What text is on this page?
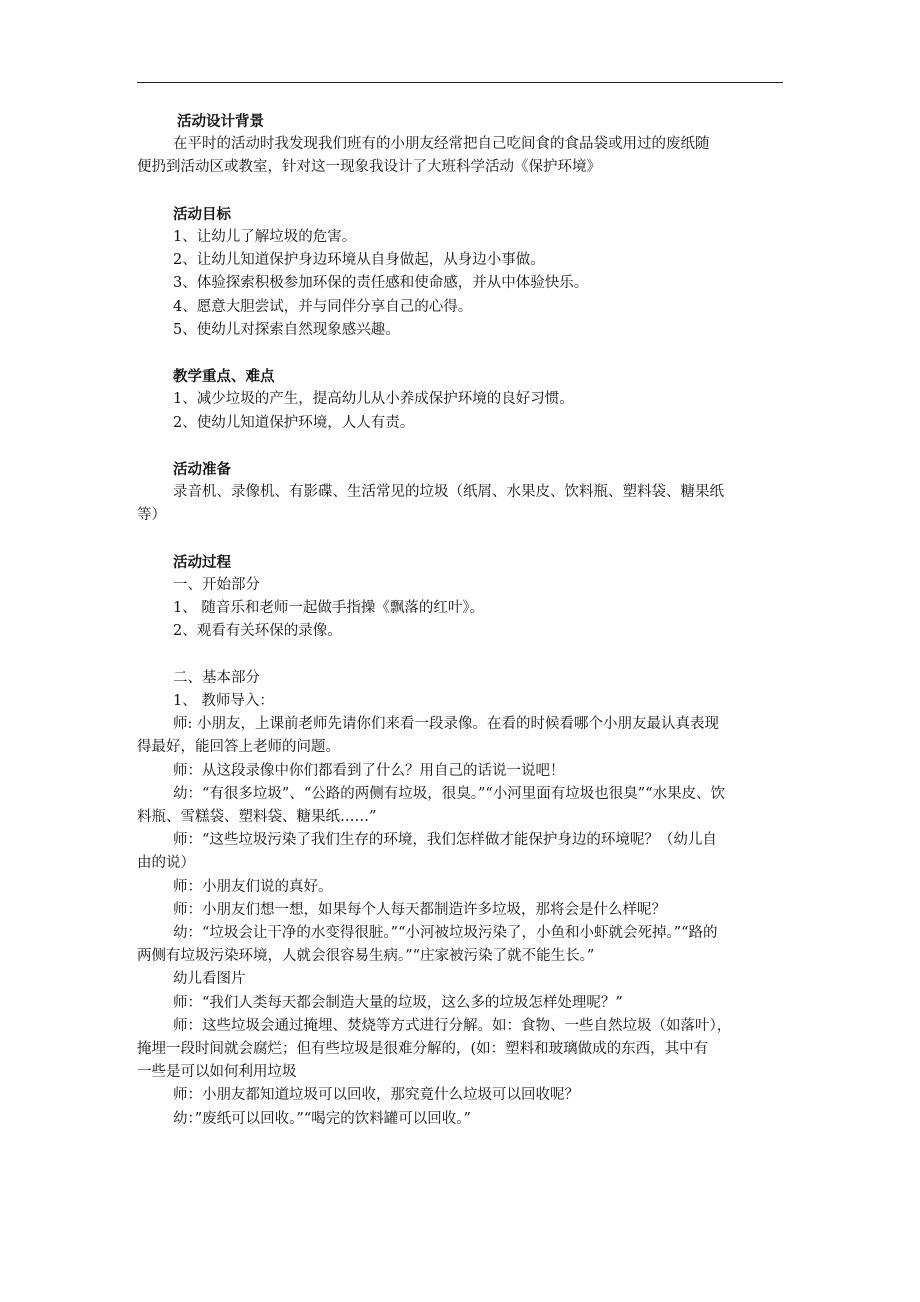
活动设计背景

在平时的活动时我发现我们班有的小朋友经常把自己吃间食的食品袋或用过的废纸随

便扔到活动区或教室，针对这一现象我设计了大班科学活动《保护环境》

活动目标

1、让幼儿了解垃圾的危害。

2、让幼儿知道保护身边环境从自身做起，从身边小事做。

3、体验探索积极参加环保的责任感和使命感，并从中体验快乐。

4、愿意大胆尝试，并与同伴分享自己的心得。

5、使幼儿对探索自然现象感兴趣。

教学重点、难点

1、减少垃圾的产生，提高幼儿从小养成保护环境的良好习惯。

2、使幼儿知道保护环境，人人有责。

活动准备

录音机、录像机、有影碟、生活常见的垃圾（纸屑、水果皮、饮料瓶、塑料袋、糖果纸

等）

活动过程

一、开始部分

1、 随音乐和老师一起做手指操《飘落的红叶》。

2、观看有关环保的录像。

二、基本部分

1、 教师导入：

师: 小朋友，上课前老师先请你们来看一段录像。在看的时候看哪个小朋友最认真表现

得最好，能回答上老师的问题。

师：从这段录像中你们都看到了什么？用自己的话说一说吧！

幼：“有很多垃圾”、“公路的两侧有垃圾，很臭。”“小河里面有垃圾也很臭”“水果皮、饮

料瓶、雪糕袋、塑料袋、糖果纸……”

师：“这些垃圾污染了我们生存的环境，我们怎样做才能保护身边的环境呢？（幼儿自

由的说）

师：小朋友们说的真好。

师：小朋友们想一想，如果每个人每天都制造许多垃圾，那将会是什么样呢？

幼：“垃圾会让干净的水变得很脏。”“小河被垃圾污染了，小鱼和小虾就会死掉。”“路的

两侧有垃圾污染环境，人就会很容易生病。”“庄家被污染了就不能生长。”

幼儿看图片

师：“我们人类每天都会制造大量的垃圾，这么多的垃圾怎样处理呢？”

师：这些垃圾会通过掩埋、焚烧等方式进行分解。如：食物、一些自然垃圾（如落叶），

掩埋一段时间就会腐烂；但有些垃圾是很难分解的，(如：塑料和玻璃做成的东西，其中有

一些是可以如何利用垃圾

师：小朋友都知道垃圾可以回收，那究竟什么垃圾可以回收呢？

幼：”废纸可以回收。”“喝完的饮料罐可以回收。”
